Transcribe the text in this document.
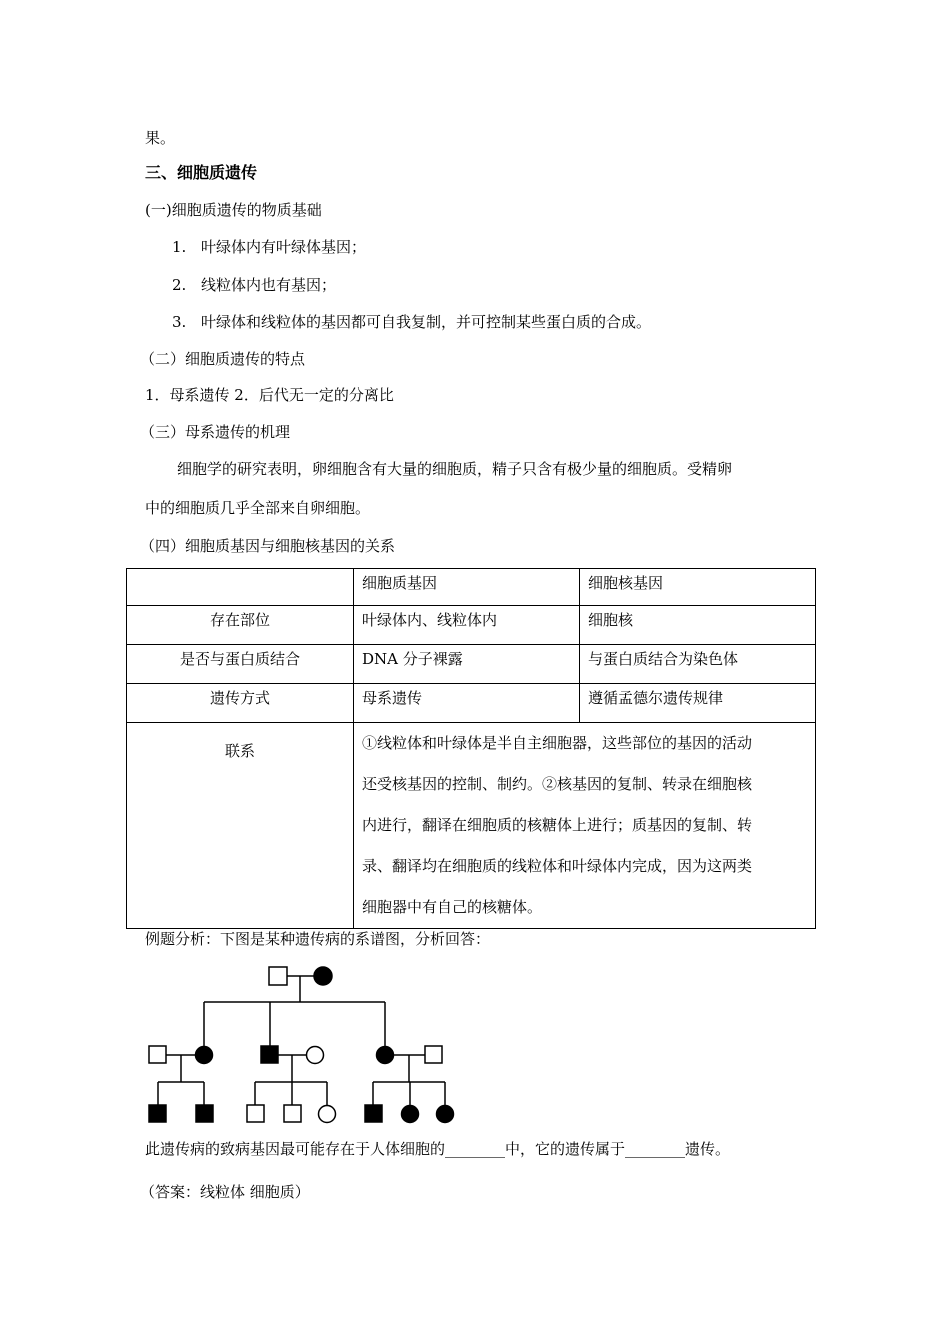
果。
三、细胞质遗传
(一)细胞质遗传的物质基础
1. 叶绿体内有叶绿体基因；
2. 线粒体内也有基因；
3. 叶绿体和线粒体的基因都可自我复制，并可控制某些蛋白质的合成。
（二）细胞质遗传的特点
1．母系遗传 2．后代无一定的分离比
（三）母系遗传的机理
细胞学的研究表明，卵细胞含有大量的细胞质，精子只含有极少量的细胞质。受精卵
中的细胞质几乎全部来自卵细胞。
（四）细胞质基因与细胞核基因的关系

	细胞质基因	细胞核基因

存在部位	叶绿体内、线粒体内	细胞核

是否与蛋白质结合	DNA 分子裸露	与蛋白质结合为染色体

遗传方式	母系遗传	遵循孟德尔遗传规律

联系	①线粒体和叶绿体是半自主细胞器，这些部位的基因的活动
还受核基因的控制、制约。②核基因的复制、转录在细胞核
内进行，翻译在细胞质的核糖体上进行；质基因的复制、转
录、翻译均在细胞质的线粒体和叶绿体内完成，因为这两类
细胞器中有自己的核糖体。	
例题分析：下图是某种遗传病的系谱图，分析回答：
此遗传病的致病基因最可能存在于人体细胞的________中，它的遗传属于________遗传。
（答案：线粒体 细胞质）
